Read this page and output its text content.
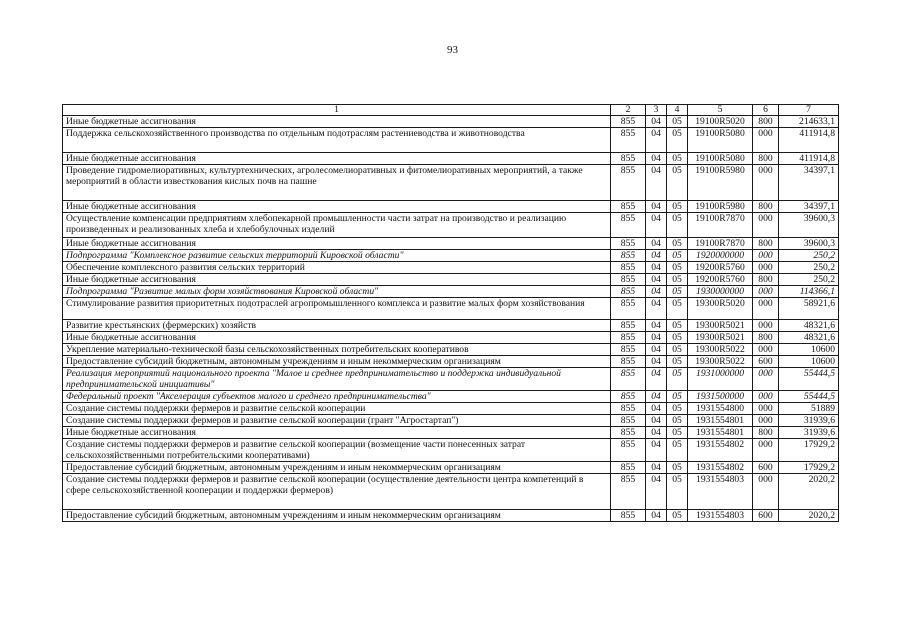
93
1	2	3	4	5	6	7
Иные бюджетные ассигнования	855	04	05	19100R5020	800	214633,1
Поддержка сельскохозяйственного производства по отдельным подотраслям растениеводства и животноводства	855	04	05	19100R5080	000	411914,8
Иные бюджетные ассигнования	855	04	05	19100R5080	800	411914,8
Проведение гидромелиоративных, культуртехнических, агролесомелиоративных и фитомелиоративных мероприятий, а также мероприятий в области известкования кислых почв на пашне	855	04	05	19100R5980	000	34397,1
Иные бюджетные ассигнования	855	04	05	19100R5980	800	34397,1
Осуществление компенсации предприятиям хлебопекарной промышленности части затрат на производство и реализацию произведенных и реализованных хлеба и хлебобулочных изделий	855	04	05	19100R7870	000	39600,3
Иные бюджетные ассигнования	855	04	05	19100R7870	800	39600,3
Подпрограмма "Комплексное развитие сельских территорий Кировской области"	855	04	05	1920000000	000	250,2
Обеспечение комплексного развития сельских территорий	855	04	05	19200R5760	000	250,2
Иные бюджетные ассигнования	855	04	05	19200R5760	800	250,2
Подпрограмма "Развитие малых форм хозяйствования Кировской области"	855	04	05	1930000000	000	114366,1
Стимулирование развития приоритетных подотраслей агропромышленного комплекса и развитие малых форм хозяйствования	855	04	05	19300R5020	000	58921,6
Развитие крестьянских (фермерских) хозяйств	855	04	05	19300R5021	000	48321,6
Иные бюджетные ассигнования	855	04	05	19300R5021	800	48321,6
Укрепление материально-технической базы сельскохозяйственных потребительских кооперативов	855	04	05	19300R5022	000	10600
Предоставление субсидий бюджетным, автономным учреждениям и иным некоммерческим организациям	855	04	05	19300R5022	600	10600
Реализация мероприятий национального проекта "Малое и среднее предпринимательство и поддержка индивидуальной предпринимательской инициативы"	855	04	05	1931000000	000	55444,5
Федеральный проект "Акселерация субъектов малого и среднего предпринимательства"	855	04	05	1931500000	000	55444,5
Создание системы поддержки фермеров и развитие сельской кооперации	855	04	05	1931554800	000	51889
Создание системы поддержки фермеров и развитие сельской кооперации (грант "Агростартап")	855	04	05	1931554801	000	31939,6
Иные бюджетные ассигнования	855	04	05	1931554801	800	31939,6
Создание системы поддержки фермеров и развитие сельской кооперации (возмещение части понесенных затрат сельскохозяйственными потребительскими кооперативами)	855	04	05	1931554802	000	17929,2
Предоставление субсидий бюджетным, автономным учреждениям и иным некоммерческим организациям	855	04	05	1931554802	600	17929,2
Создание системы поддержки фермеров и развитие сельской кооперации (осуществление деятельности центра компетенций в сфере сельскохозяйственной кооперации и поддержки фермеров)	855	04	05	1931554803	000	2020,2
Предоставление субсидий бюджетным, автономным учреждениям и иным некоммерческим организациям	855	04	05	1931554803	600	2020,2
